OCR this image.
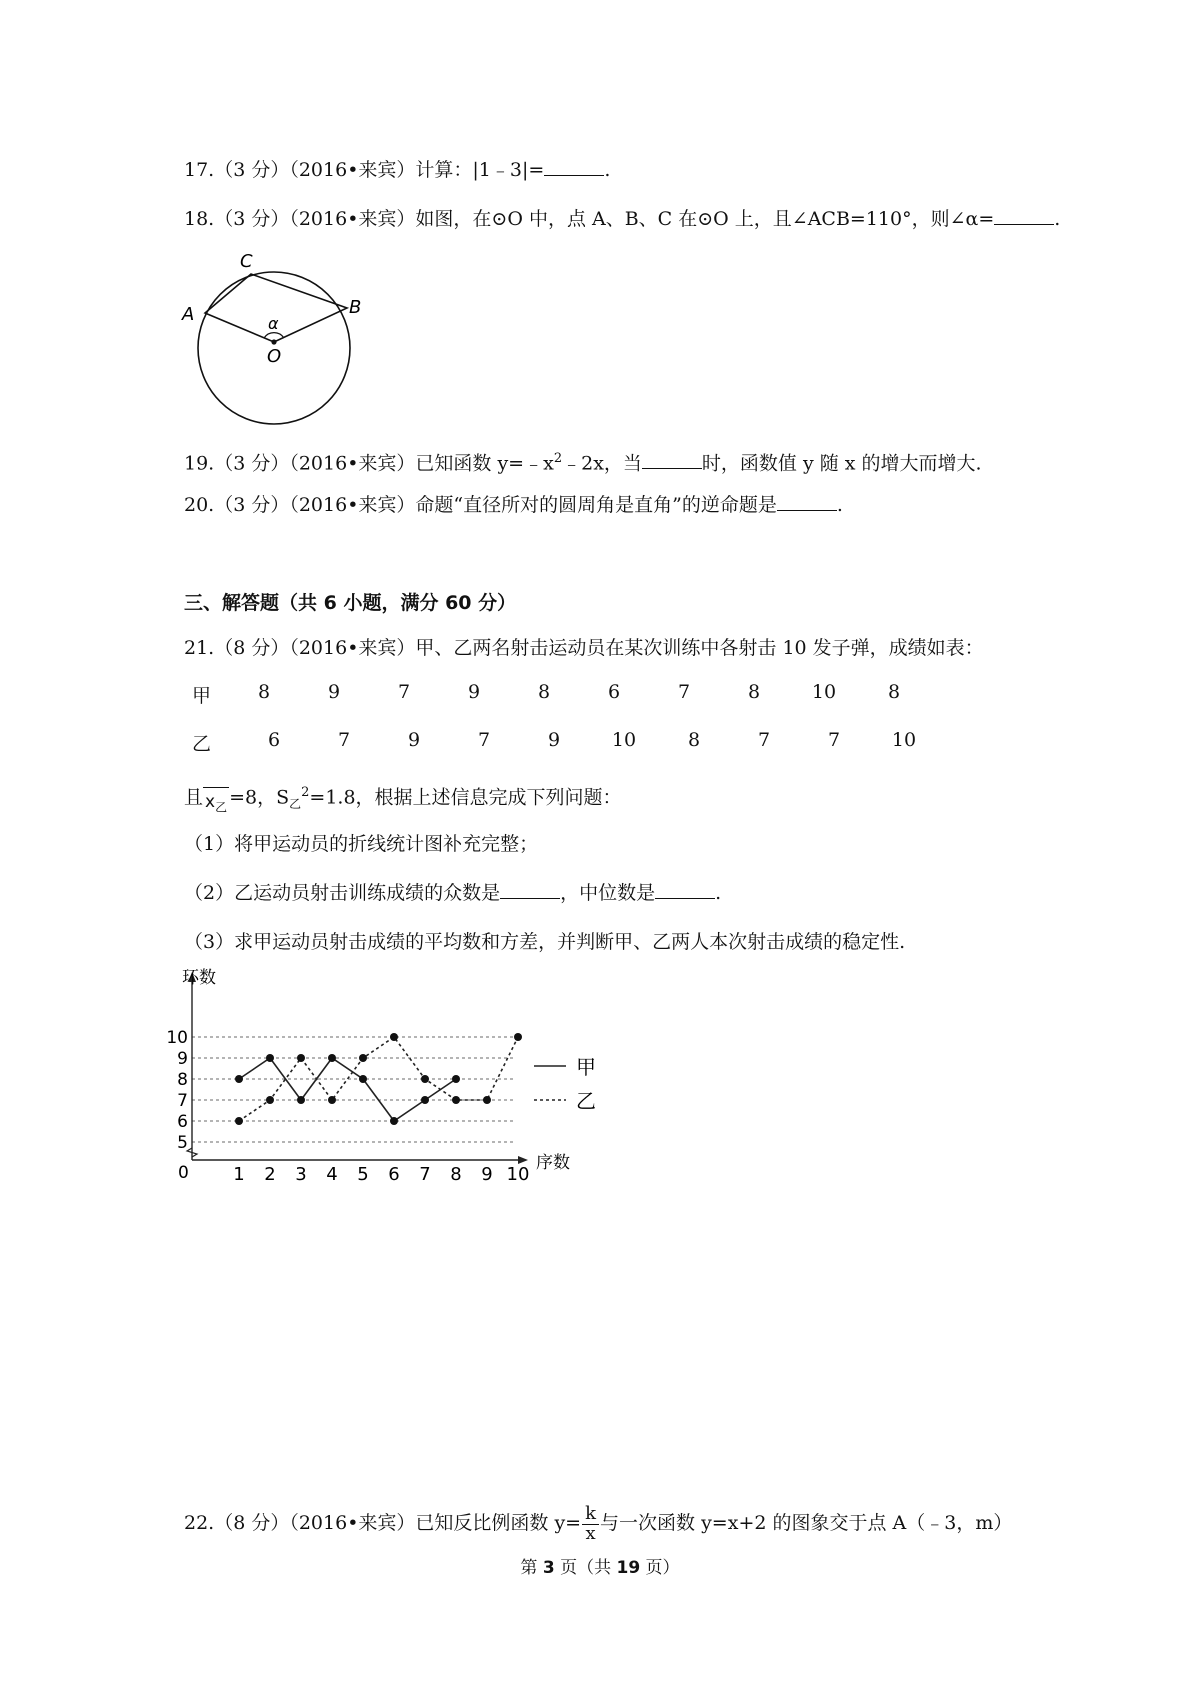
17.（3 分）（2016•来宾）计算：|1﹣3|=	.
18.（3 分）（2016•来宾）如图，在⊙O 中，点 A、B、C 在⊙O 上，且∠ACB=110°，则∠α=	.
C
A	B
O
α
19.（3 分）（2016•来宾）已知函数 $y=﹣x^2﹣2x$，当	时，函数值 y 随 x 的增大而增大.
20.（3 分）（2016•来宾）命题“直径所对的圆周角是直角”的逆命题是	.
三、解答题（共 6 小题，满分 60 分）
21.（8 分）（2016•来宾）甲、乙两名射击运动员在某次训练中各射击 10 发子弹，成绩如表：
甲	8	9	7	9	8	6	7	8	10	8
乙	6	7	9	7	9	10	8	7	7	10
且 $x_乙 =8$，$S_乙^2=1.8$，根据上述信息完成下列问题：
（1）将甲运动员的折线统计图补充完整；
（2）乙运动员射击训练成绩的众数是	，中位数是	.
（3）求甲运动员射击成绩的平均数和方差，并判断甲、乙两人本次射击成绩的稳定性.
环数
5
6
7
8
9
10
0 1 2 3 4 5 6 7 8 9 10
序数
甲
乙
22.（8 分）（2016•来宾）已知反比例函数 $y= \frac{k}{x}$ 与一次函数 y=x+2 的图象交于点 A（﹣3，m）
第 3 页（共 19 页）
